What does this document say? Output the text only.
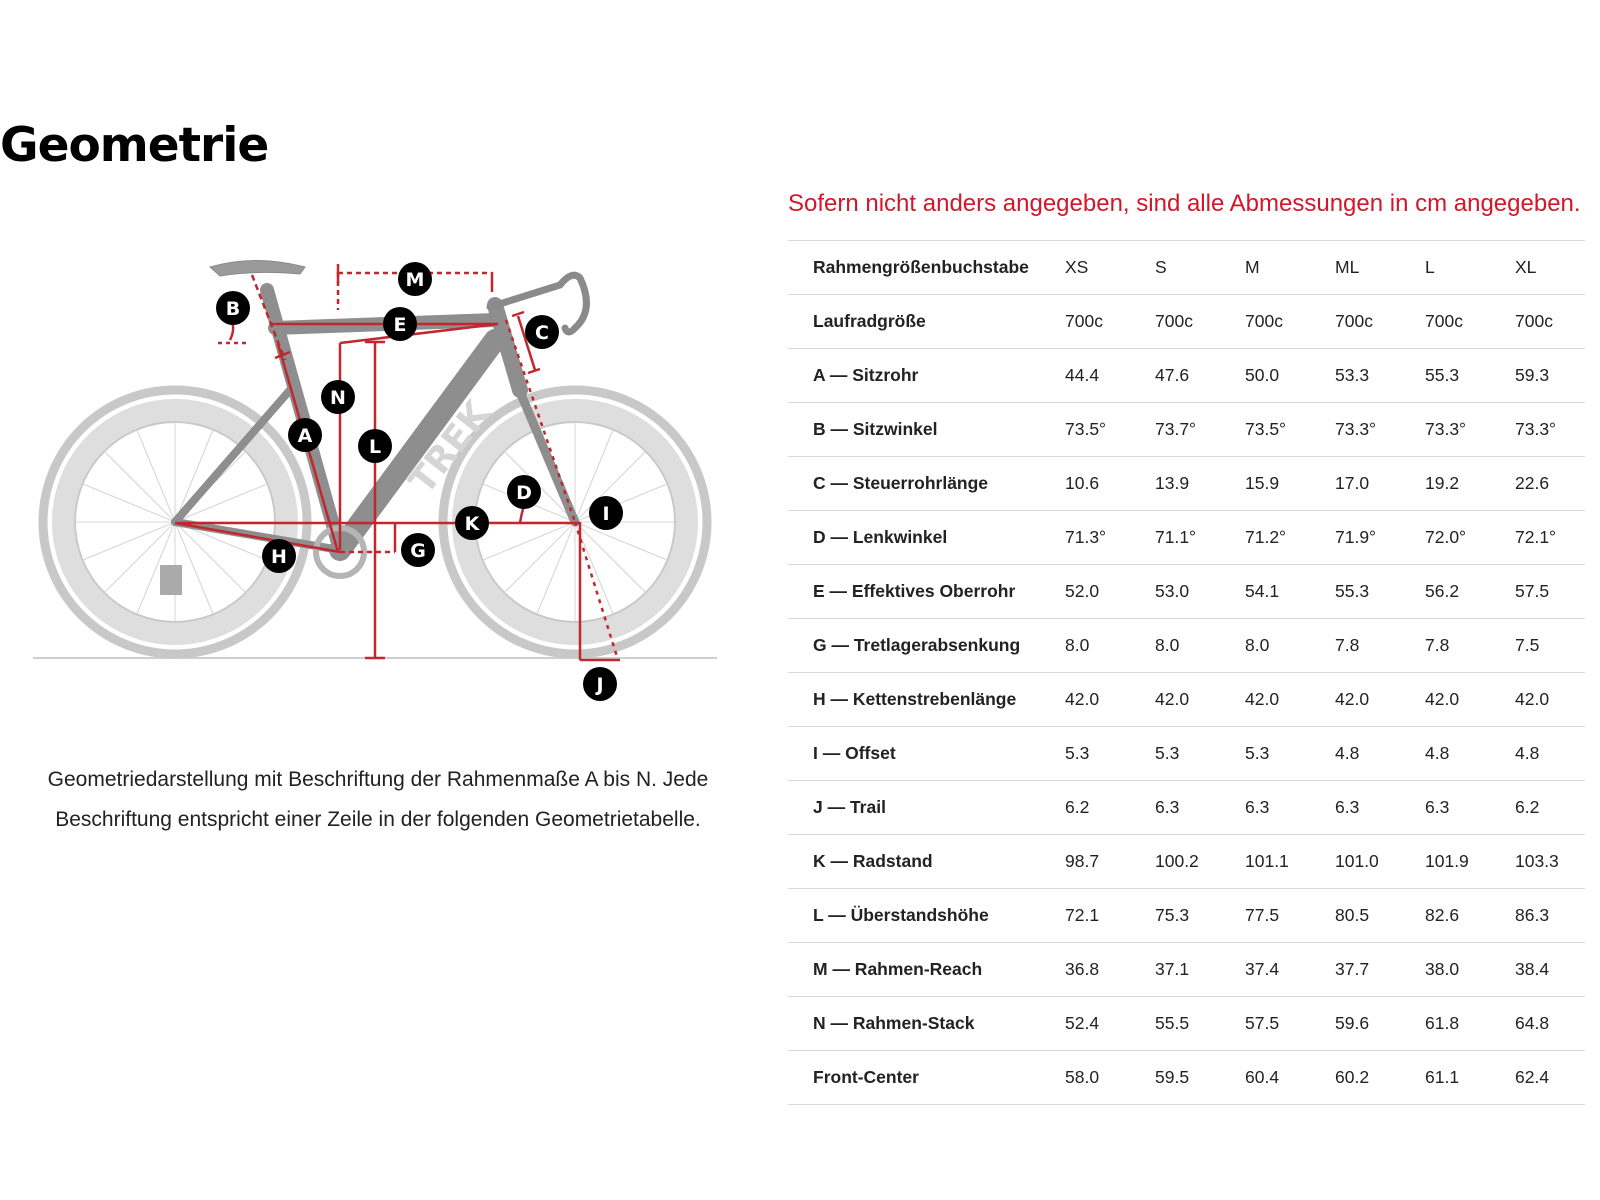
Geometrie
TREK
M
E
B
C
N
A	L
D
I
K
G
H
J
Geometriedarstellung mit Beschriftung der Rahmenmaße A bis N. Jede Beschriftung entspricht einer Zeile in der folgenden Geometrietabelle.
Sofern nicht anders angegeben, sind alle Abmessungen in cm angegeben.
Rahmengrößenbuchstabe	XS	S	M	ML	L	XL
Laufradgröße	700c	700c	700c	700c	700c	700c
A — Sitzrohr	44.4	47.6	50.0	53.3	55.3	59.3
B — Sitzwinkel	73.5°	73.7°	73.5°	73.3°	73.3°	73.3°
C — Steuerrohrlänge	10.6	13.9	15.9	17.0	19.2	22.6
D — Lenkwinkel	71.3°	71.1°	71.2°	71.9°	72.0°	72.1°
E — Effektives Oberrohr	52.0	53.0	54.1	55.3	56.2	57.5
G — Tretlagerabsenkung	8.0	8.0	8.0	7.8	7.8	7.5
H — Kettenstrebenlänge	42.0	42.0	42.0	42.0	42.0	42.0
I — Offset	5.3	5.3	5.3	4.8	4.8	4.8
J — Trail	6.2	6.3	6.3	6.3	6.3	6.2
K — Radstand	98.7	100.2	101.1	101.0	101.9	103.3
L — Überstandshöhe	72.1	75.3	77.5	80.5	82.6	86.3
M — Rahmen-Reach	36.8	37.1	37.4	37.7	38.0	38.4
N — Rahmen-Stack	52.4	55.5	57.5	59.6	61.8	64.8
Front-Center	58.0	59.5	60.4	60.2	61.1	62.4
